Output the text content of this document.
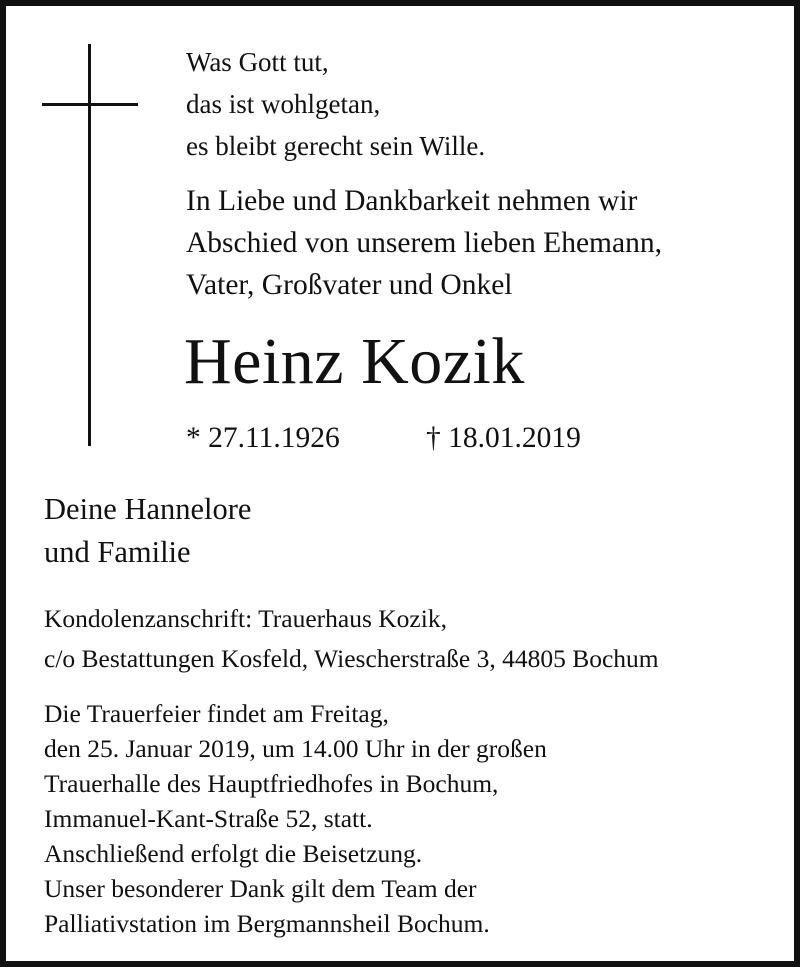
Was Gott tut,
das ist wohlgetan,
es bleibt gerecht sein Wille.
In Liebe und Dankbarkeit nehmen wir
Abschied von unserem lieben Ehemann,
Vater, Großvater und Onkel
Heinz Kozik
* 27.11.1926	† 18.01.2019
Deine Hannelore
und Familie
Kondolenzanschrift: Trauerhaus Kozik,
c/o Bestattungen Kosfeld, Wiescherstraße 3, 44805 Bochum
Die Trauerfeier findet am Freitag,
den 25. Januar 2019, um 14.00 Uhr in der großen
Trauerhalle des Hauptfriedhofes in Bochum,
Immanuel-Kant-Straße 52, statt.
Anschließend erfolgt die Beisetzung.
Unser besonderer Dank gilt dem Team der
Palliativstation im Bergmannsheil Bochum.
